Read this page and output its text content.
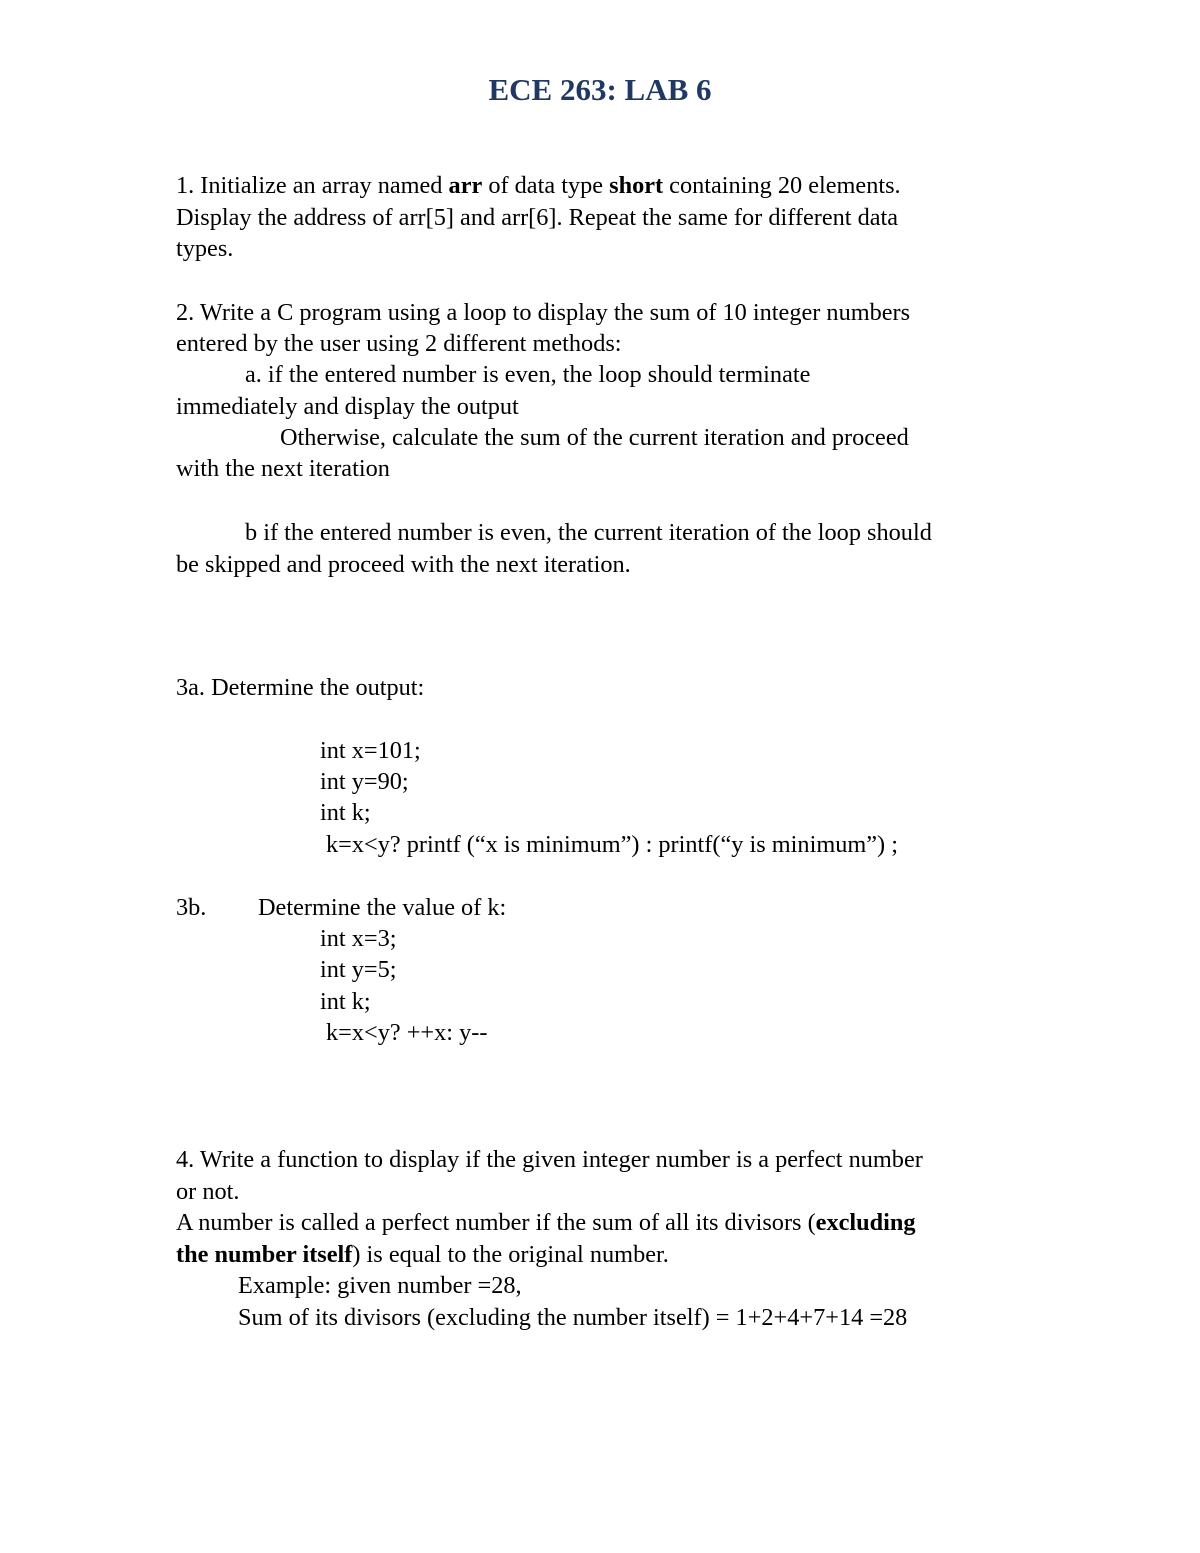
ECE 263: LAB 6
1. Initialize an array named arr of data type short containing 20 elements.
Display the address of arr[5] and arr[6]. Repeat the same for different data
types.
2. Write a C program using a loop to display the sum of 10 integer numbers
entered by the user using 2 different methods:
a. if the entered number is even, the loop should terminate
immediately and display the output
Otherwise, calculate the sum of the current iteration and proceed
with the next iteration
b if the entered number is even, the current iteration of the loop should
be skipped and proceed with the next iteration.
3a. Determine the output:
int x=101;
int y=90;
int k;
k=x<y? printf (“x is minimum”) : printf(“y is minimum”) ;
3b. Determine the value of k:
int x=3;
int y=5;
int k;
k=x<y? ++x: y--
4. Write a function to display if the given integer number is a perfect number
or not.
A number is called a perfect number if the sum of all its divisors (excluding
the number itself) is equal to the original number.
Example: given number =28,
Sum of its divisors (excluding the number itself) = 1+2+4+7+14 =28
